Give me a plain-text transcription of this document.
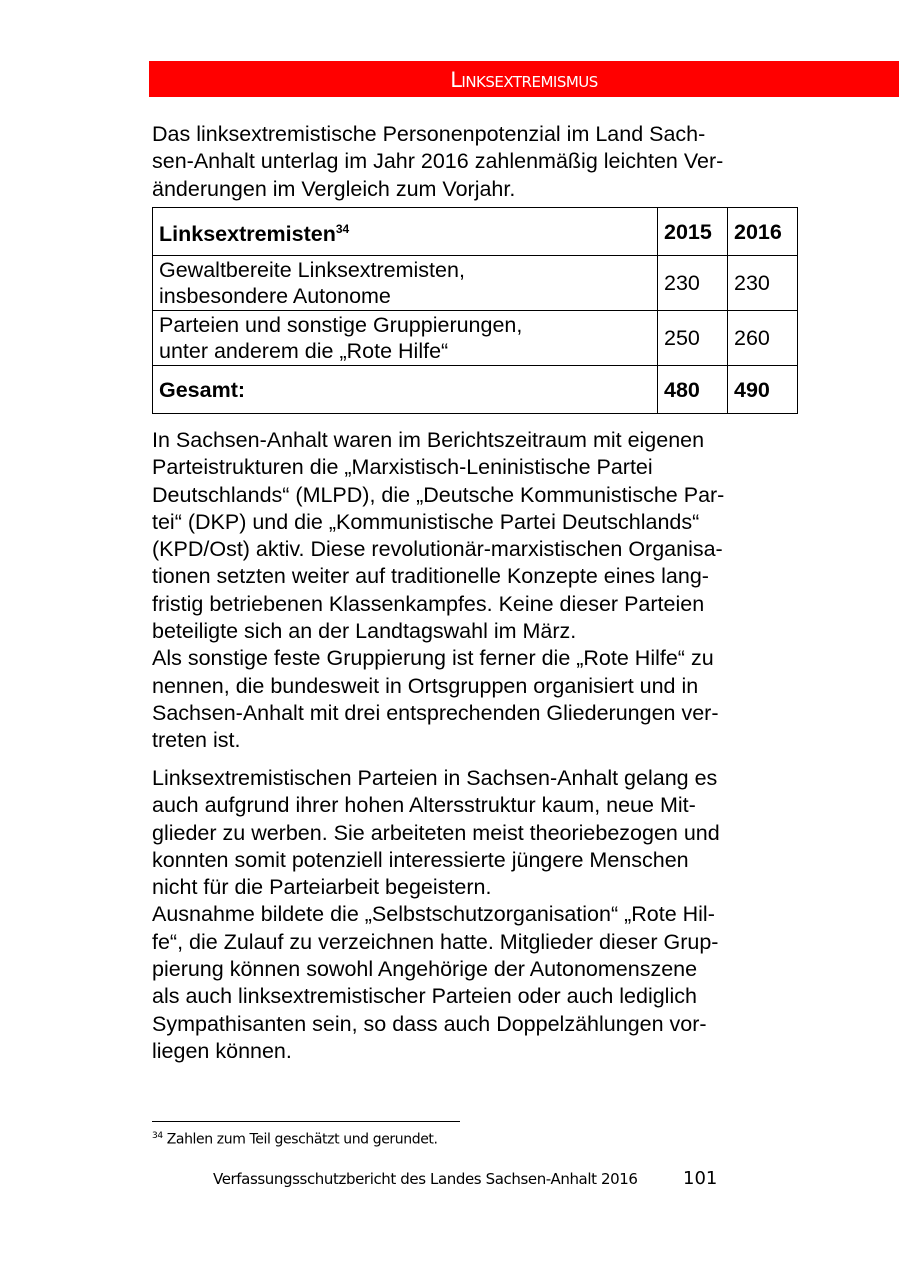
Linksextremismus
Das linksextremistische Personenpotenzial im Land Sach-
sen-Anhalt unterlag im Jahr 2016 zahlenmäßig leichten Ver-
änderungen im Vergleich zum Vorjahr.
Linksextremisten$^{34}$	2015	2016

Gewaltbereite Linksextremisten,
insbesondere Autonome	230	230

Parteien und sonstige Gruppierungen,
unter anderem die „Rote Hilfe“	250	260
Gesamt:	480	490
In Sachsen-Anhalt waren im Berichtszeitraum mit eigenen
Parteistrukturen die „Marxistisch-Leninistische Partei
Deutschlands“ (MLPD), die „Deutsche Kommunistische Par-
tei“ (DKP) und die „Kommunistische Partei Deutschlands“
(KPD/Ost) aktiv. Diese revolutionär-marxistischen Organisa-
tionen setzten weiter auf traditionelle Konzepte eines lang-
fristig betriebenen Klassenkampfes. Keine dieser Parteien
beteiligte sich an der Landtagswahl im März.
Als sonstige feste Gruppierung ist ferner die „Rote Hilfe“ zu
nennen, die bundesweit in Ortsgruppen organisiert und in
Sachsen-Anhalt mit drei entsprechenden Gliederungen ver-
treten ist.
Linksextremistischen Parteien in Sachsen-Anhalt gelang es
auch aufgrund ihrer hohen Altersstruktur kaum, neue Mit-
glieder zu werben. Sie arbeiteten meist theoriebezogen und
konnten somit potenziell interessierte jüngere Menschen
nicht für die Parteiarbeit begeistern.
Ausnahme bildete die „Selbstschutzorganisation“ „Rote Hil-
fe“, die Zulauf zu verzeichnen hatte. Mitglieder dieser Grup-
pierung können sowohl Angehörige der Autonomenszene
als auch linksextremistischer Parteien oder auch lediglich
Sympathisanten sein, so dass auch Doppelzählungen vor-
liegen können.
$^{34}$ Zahlen zum Teil geschätzt und gerundet.
Verfassungsschutzbericht des Landes Sachsen-Anhalt 2016	101
